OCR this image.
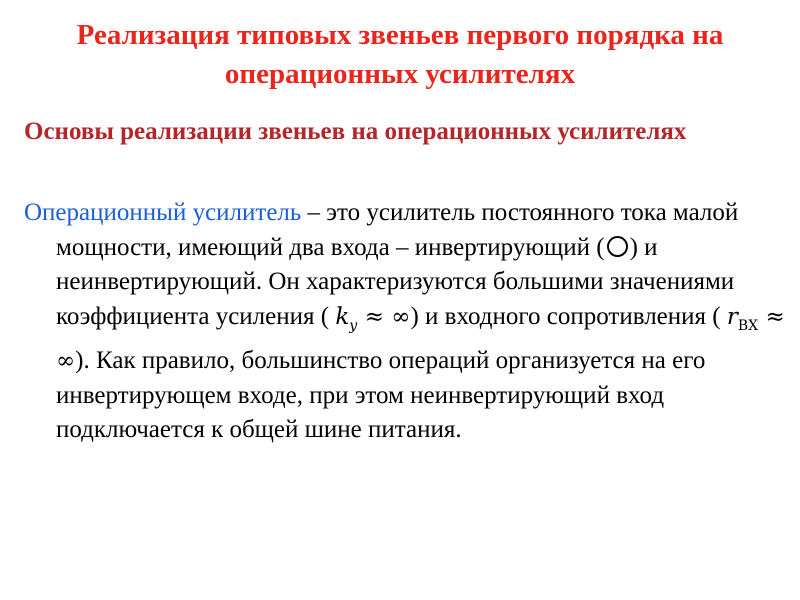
Реализация типовых звеньев первого порядка на операционных усилителях
Основы реализации звеньев на операционных усилителях

Операционный усилитель – это усилитель постоянного тока малой мощности, имеющий два входа – инвертирующий ( ) и неинвертирующий. Он характеризуются большими значениями коэффициента усиления ( $k_у$ ≈ ∞) и входного сопротивления ( $r_{ВХ}$ ≈ ∞). Как правило, большинство операций организуется на его инвертирующем входе, при этом неинвертирующий вход подключается к общей шине питания.
